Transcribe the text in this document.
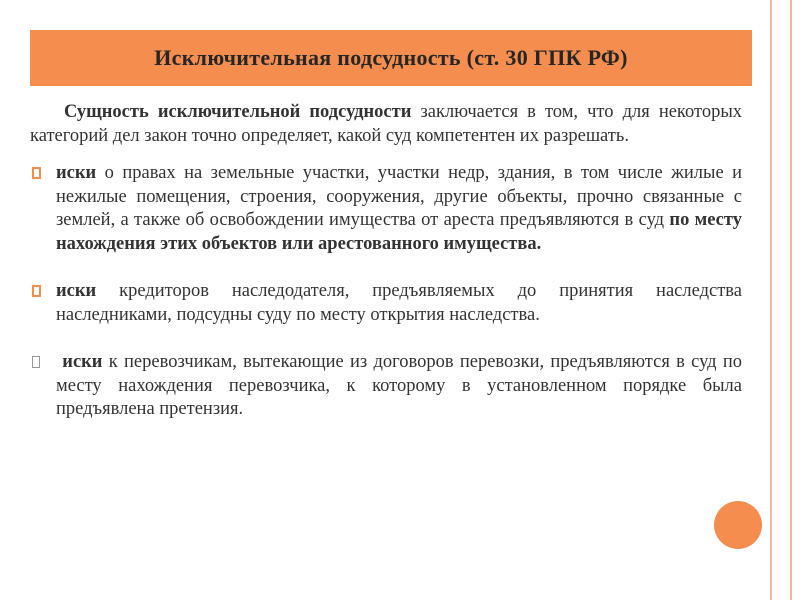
Исключительная подсудность (ст. 30 ГПК РФ)

Сущность исключительной подсудности заключается в том, что для некоторых категорий дел закон точно определяет, какой суд компетентен их разрешать.

иски о правах на земельные участки, участки недр, здания, в том числе жилые и нежилые помещения, строения, сооружения, другие объекты, прочно связанные с землей, а также об освобождении имущества от ареста предъявляются в суд по месту нахождения этих объектов или арестованного имущества.
иски кредиторов наследодателя, предъявляемых до принятия наследства наследниками, подсудны суду по месту открытия наследства.
иски к перевозчикам, вытекающие из договоров перевозки, предъявляются в суд по месту нахождения перевозчика, к которому в установленном порядке была предъявлена претензия.
